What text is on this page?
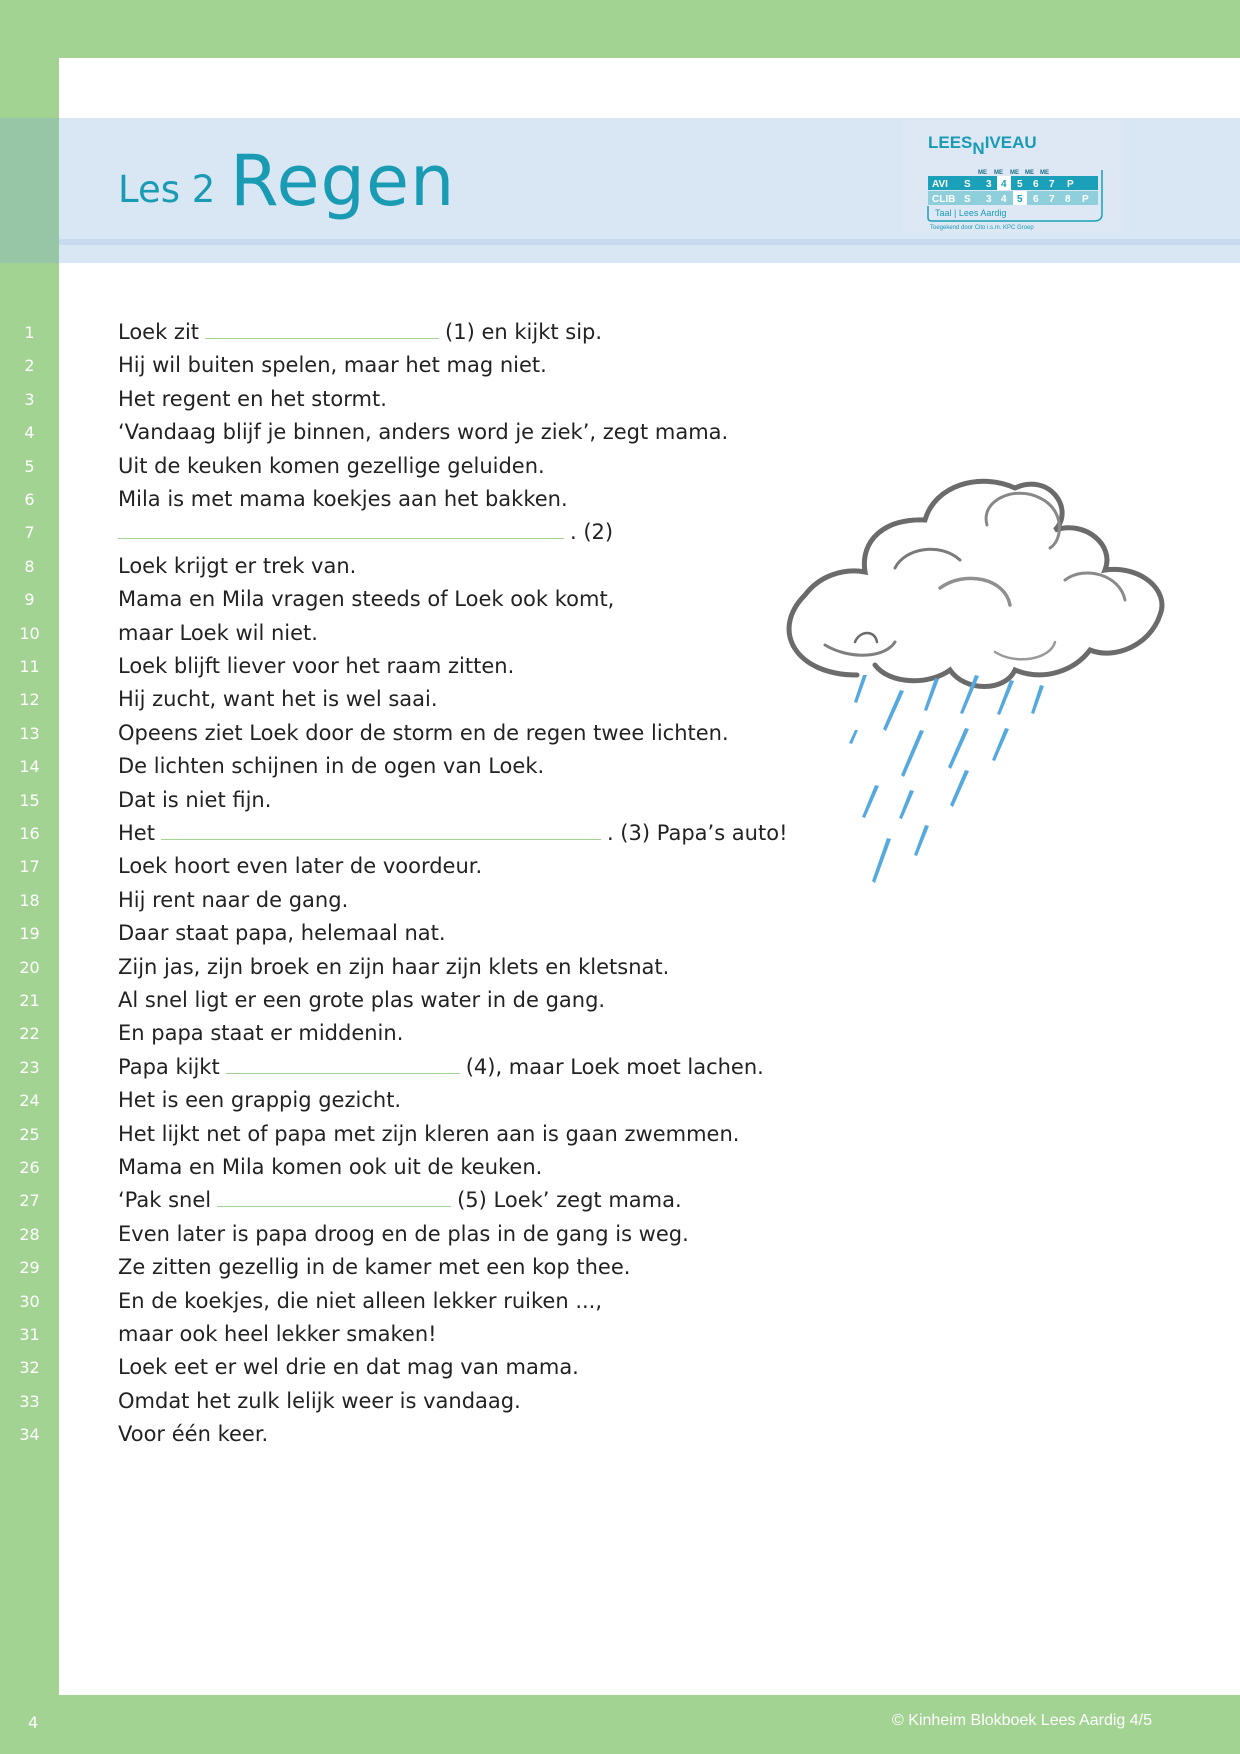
Les 2 Regen	LEESNIVEAU
ME ME ME ME ME
AVI S 3 4 5 6 7 P
CLIB S 3 4 5 6 7 8 P
Taal | Lees Aardig
Toegekend door Cito i.s.m. KPC Groep
1
2
3
4
5
6
7
8
9
10
11
12
13
14
15
16
17
18
19
20
21
22
23
24
25
26
27
28
29
30
31
32
33
34
Loek zit	(1) en kijkt sip.
Hij wil buiten spelen, maar het mag niet.
Het regent en het stormt.
‘Vandaag blijf je binnen, anders word je ziek’, zegt mama.
Uit de keuken komen gezellige geluiden.
Mila is met mama koekjes aan het bakken.
. (2)
Loek krijgt er trek van.
Mama en Mila vragen steeds of Loek ook komt,
maar Loek wil niet.
Loek blijft liever voor het raam zitten.
Hij zucht, want het is wel saai.
Opeens ziet Loek door de storm en de regen twee lichten.
De lichten schijnen in de ogen van Loek.
Dat is niet fijn.
Het	. (3) Papa’s auto!
Loek hoort even later de voordeur.
Hij rent naar de gang.
Daar staat papa, helemaal nat.
Zijn jas, zijn broek en zijn haar zijn klets en kletsnat.
Al snel ligt er een grote plas water in de gang.
En papa staat er middenin.
Papa kijkt	(4), maar Loek moet lachen.
Het is een grappig gezicht.
Het lijkt net of papa met zijn kleren aan is gaan zwemmen.
Mama en Mila komen ook uit de keuken.
‘Pak snel	(5) Loek’ zegt mama.
Even later is papa droog en de plas in de gang is weg.
Ze zitten gezellig in de kamer met een kop thee.
En de koekjes, die niet alleen lekker ruiken ...,
maar ook heel lekker smaken!
Loek eet er wel drie en dat mag van mama.
Omdat het zulk lelijk weer is vandaag.
Voor één keer.
4	© Kinheim Blokboek Lees Aardig 4/5
